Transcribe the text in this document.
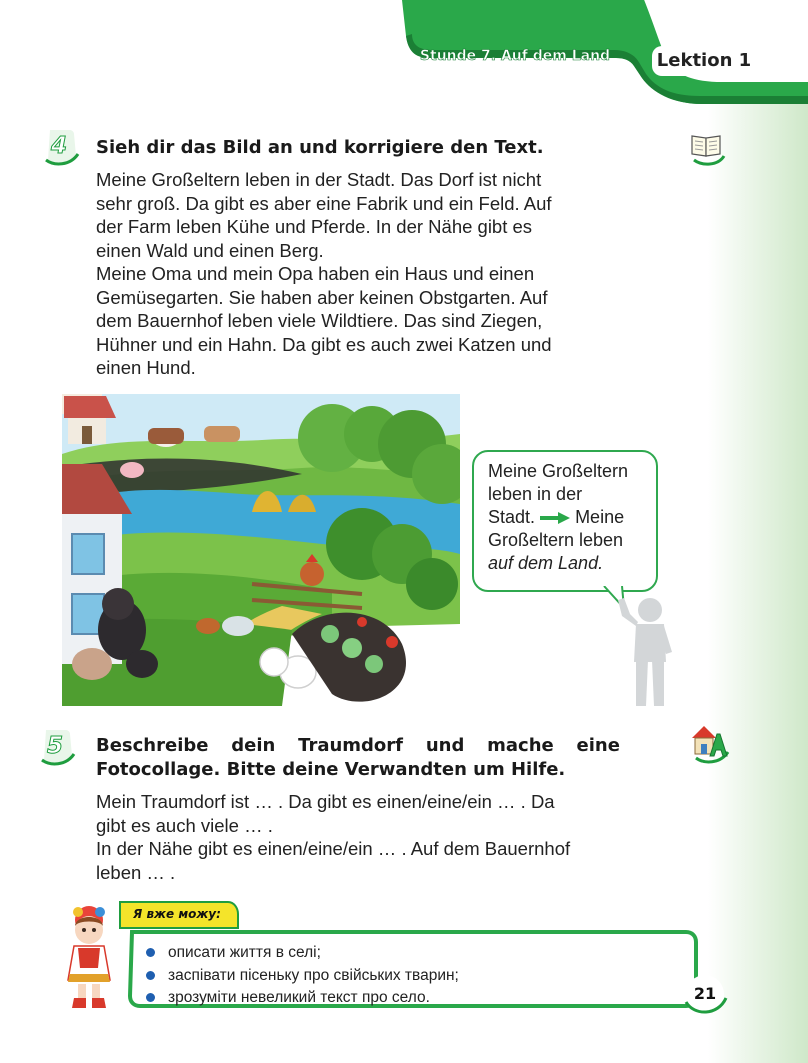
Stunde 7. Auf dem Land	Lektion 1
4	Sieh dir das Bild an und korrigiere den Text.
Meine Großeltern leben in der Stadt. Das Dorf ist nicht
sehr groß. Da gibt es aber eine Fabrik und ein Feld. Auf
der Farm leben Kühe und Pferde. In der Nähe gibt es
einen Wald und einen Berg.
Meine Oma und mein Opa haben ein Haus und einen
Gemüsegarten. Sie haben aber keinen Obstgarten. Auf
dem Bauernhof leben viele Wildtiere. Das sind Ziegen,
Hühner und ein Hahn. Da gibt es auch zwei Katzen und
einen Hund.
Meine Großeltern
leben in der
Stadt. Meine
Großeltern leben
auf dem Land.
5	Beschreibe dein Traumdorf und mache eine
Fotocollage. Bitte deine Verwandten um Hilfe.
Mein Traumdorf ist … . Da gibt es einen/eine/ein … . Da
gibt es auch viele … .
In der Nähe gibt es einen/eine/ein … . Auf dem Bauernhof
leben … .
Я вже можу:
описати життя в селі;
заспівати пісеньку про свійських тварин;
зрозуміти невеликий текст про село.	21
